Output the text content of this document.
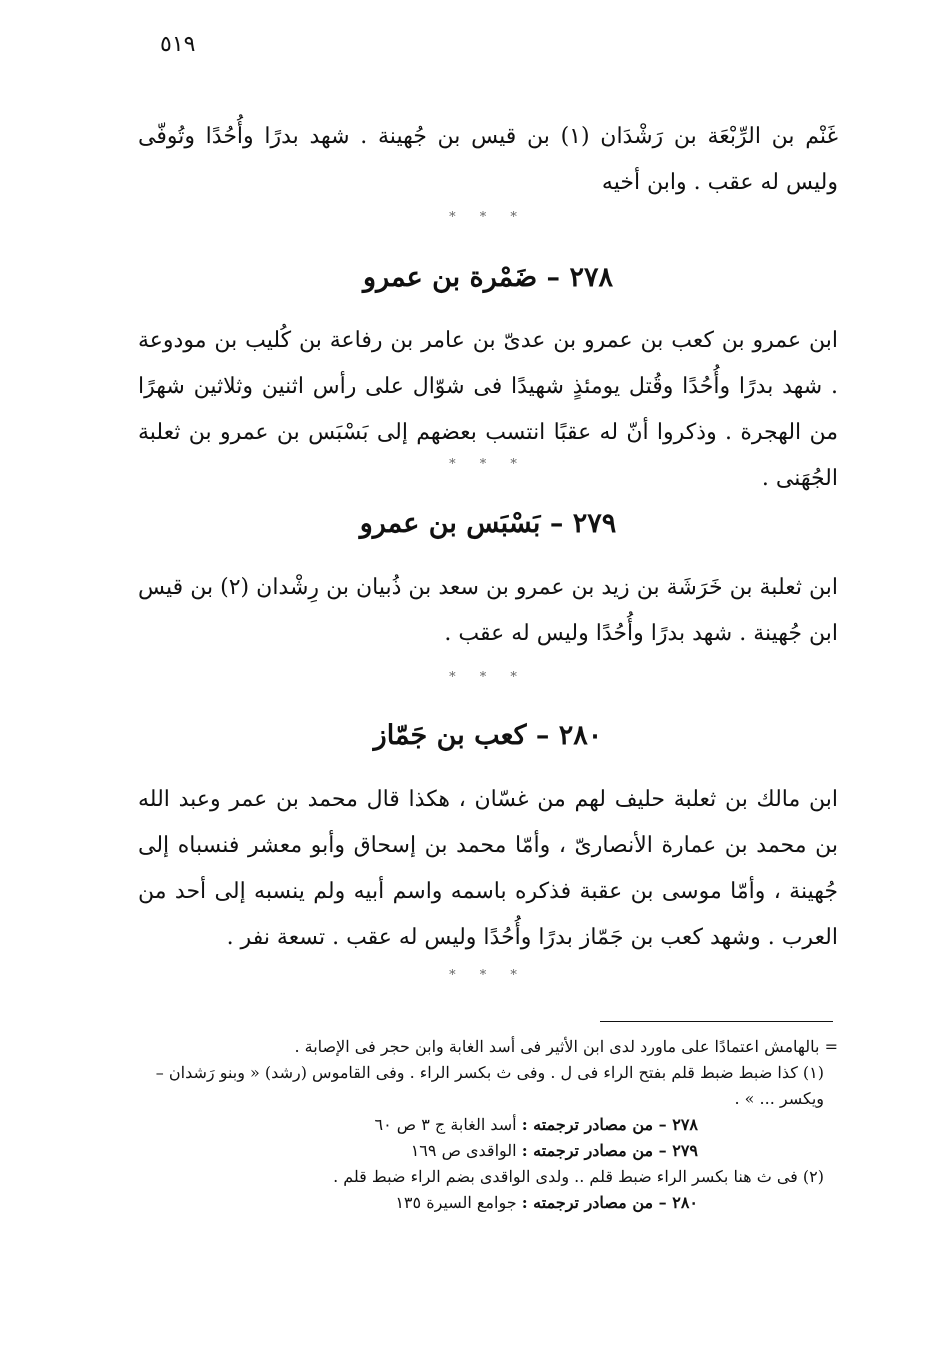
٥١٩

غَنْم بن الرِّبْعَة بن رَشْدَان (١) بن قيس بن جُهينة . شهد بدرًا وأُحُدًا وتُوفّى وليس له عقب . وابن أخيه

* * *
٢٧٨ – ضَمْرة بن عمرو

ابن عمرو بن كعب بن عمرو بن عدىّ بن عامر بن رفاعة بن كُليب بن مودوعة . شهد بدرًا وأُحُدًا وقُتل يومئذٍ شهيدًا فى شوّال على رأس اثنين وثلاثين شهرًا من الهجرة . وذكروا أنّ له عقبًا انتسب بعضهم إلى بَسْبَس بن عمرو بن ثعلبة الجُهَنى .

* * *
٢٧٩ – بَسْبَس بن عمرو

ابن ثعلبة بن خَرَشَة بن زيد بن عمرو بن سعد بن ذُبيان بن رِشْدان (٢) بن قيس ابن جُهينة . شهد بدرًا وأُحُدًا وليس له عقب .

* * *
٢٨٠ – كعب بن جَمّاز

ابن مالك بن ثعلبة حليف لهم من غسّان ، هكذا قال محمد بن عمر وعبد الله بن محمد بن عمارة الأنصارىّ ، وأمّا محمد بن إسحاق وأبو معشر فنسباه إلى جُهينة ، وأمّا موسى بن عقبة فذكره باسمه واسم أبيه ولم ينسبه إلى أحد من العرب . وشهد كعب بن جَمّاز بدرًا وأُحُدًا وليس له عقب . تسعة نفر .

* * *

= بالهامش اعتمادًا على ماورد لدى ابن الأثير فى أسد الغابة وابن حجر فى الإصابة .

(١) كذا ضبط ضبط قلم بفتح الراء فى ل . وفى ث بكسر الراء . وفى القاموس (رشد) « وبنو رَشدان – ويكسر ... » .

٢٧٨ – من مصادر ترجمته : أسد الغابة ج ٣ ص ٦٠

٢٧٩ – من مصادر ترجمته : الواقدى ص ١٦٩

(٢) فى ث هنا بكسر الراء ضبط قلم .. ولدى الواقدى بضم الراء ضبط قلم .

٢٨٠ – من مصادر ترجمته : جوامع السيرة ١٣٥
